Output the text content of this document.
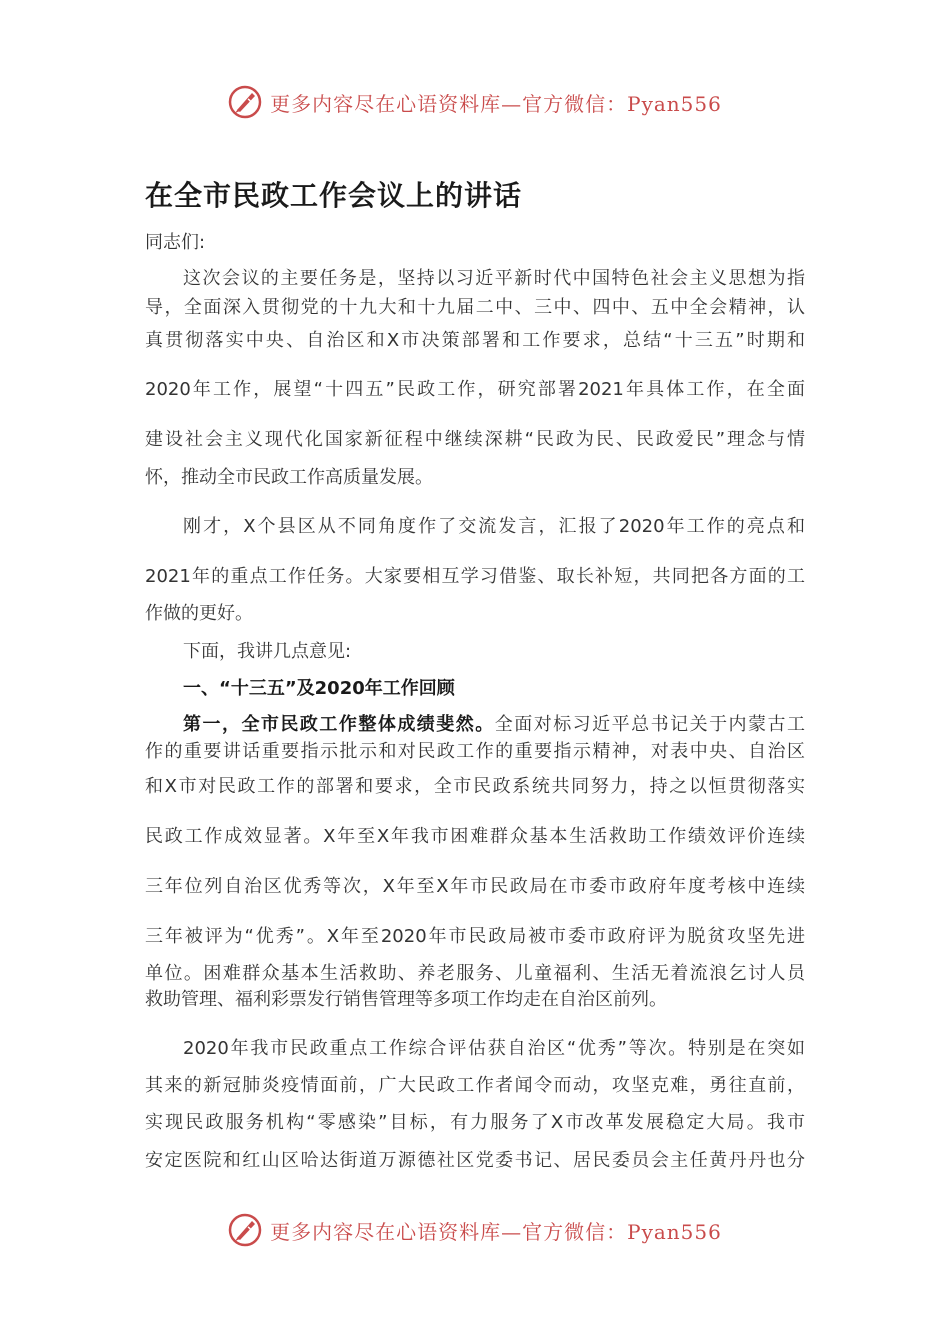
更多内容尽在心语资料库—官方微信：Pyan556
在全市民政工作会议上的讲话
同志们:
这次会议的主要任务是，坚持以习近平新时代中国特色社会主义思想为指
导，全面深入贯彻党的十九大和十九届二中、三中、四中、五中全会精神，认
真贯彻落实中央、自治区和X市决策部署和工作要求，总结“十三五”时期和
2020年工作，展望“十四五”民政工作，研究部署2021年具体工作，在全面
建设社会主义现代化国家新征程中继续深耕“民政为民、民政爱民”理念与情
怀，推动全市民政工作高质量发展。
刚才，X个县区从不同角度作了交流发言，汇报了2020年工作的亮点和
2021年的重点工作任务。大家要相互学习借鉴、取长补短，共同把各方面的工
作做的更好。
下面，我讲几点意见:
一、“十三五”及2020年工作回顾
第一，全市民政工作整体成绩斐然。全面对标习近平总书记关于内蒙古工
作的重要讲话重要指示批示和对民政工作的重要指示精神，对表中央、自治区
和X市对民政工作的部署和要求，全市民政系统共同努力，持之以恒贯彻落实
民政工作成效显著。X年至X年我市困难群众基本生活救助工作绩效评价连续
三年位列自治区优秀等次，X年至X年市民政局在市委市政府年度考核中连续
三年被评为“优秀”。X年至2020年市民政局被市委市政府评为脱贫攻坚先进
单位。困难群众基本生活救助、养老服务、儿童福利、生活无着流浪乞讨人员
救助管理、福利彩票发行销售管理等多项工作均走在自治区前列。
2020年我市民政重点工作综合评估获自治区“优秀”等次。特别是在突如
其来的新冠肺炎疫情面前，广大民政工作者闻令而动，攻坚克难，勇往直前，
实现民政服务机构“零感染”目标，有力服务了X市改革发展稳定大局。我市
安定医院和红山区哈达街道万源德社区党委书记、居民委员会主任黄丹丹也分
更多内容尽在心语资料库—官方微信：Pyan556
